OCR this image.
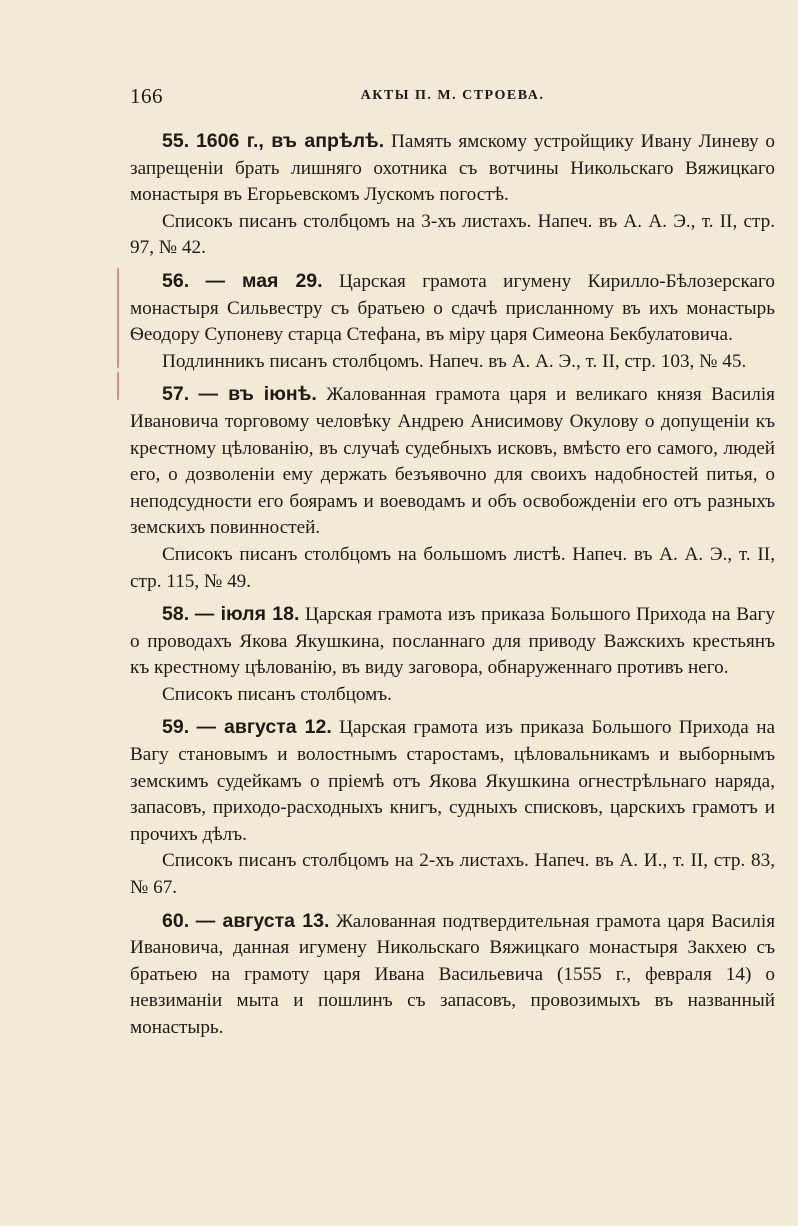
166	АКТЫ П. М. СТРОЕВА.

55. 1606 г., въ апрѣлѣ. Память ямскому устройщику Ивану Линеву о запрещеніи брать лишняго охотника съ вотчины Никольскаго Вяжицкаго монастыря въ Егорьевскомъ Лускомъ погостѣ.

Списокъ писанъ столбцомъ на 3-хъ листахъ. Напеч. въ А. А. Э., т. II, стр. 97, № 42.

56. — мая 29. Царская грамота игумену Кирилло-Бѣлозерскаго монастыря Сильвестру съ братьею о сдачѣ присланному въ ихъ монастырь Ѳеодору Супоневу старца Стефана, въ міру царя Симеона Бекбулатовича.

Подлинникъ писанъ столбцомъ. Напеч. въ А. А. Э., т. II, стр. 103, № 45.

57. — въ іюнѣ. Жалованная грамота царя и великаго князя Василія Ивановича торговому человѣку Андрею Анисимову Окулову о допущеніи къ крестному цѣлованію, въ случаѣ судебныхъ исковъ, вмѣсто его самого, людей его, о дозволеніи ему держать безъявочно для своихъ надобностей питья, о неподсудности его боярамъ и воеводамъ и объ освобожденіи его отъ разныхъ земскихъ повинностей.

Списокъ писанъ столбцомъ на большомъ листѣ. Напеч. въ А. А. Э., т. II, стр. 115, № 49.

58. — іюля 18. Царская грамота изъ приказа Большого Прихода на Вагу о проводахъ Якова Якушкина, посланнаго для приводу Важскихъ крестьянъ къ крестному цѣлованію, въ виду заговора, обнаруженнаго противъ него.

Списокъ писанъ столбцомъ.

59. — августа 12. Царская грамота изъ приказа Большого Прихода на Вагу становымъ и волостнымъ старостамъ, цѣловальникамъ и выборнымъ земскимъ судейкамъ о пріемѣ отъ Якова Якушкина огнестрѣльнаго наряда, запасовъ, приходо-расходныхъ книгъ, судныхъ списковъ, царскихъ грамотъ и прочихъ дѣлъ.

Списокъ писанъ столбцомъ на 2-хъ листахъ. Напеч. въ А. И., т. II, стр. 83, № 67.

60. — августа 13. Жалованная подтвердительная грамота царя Василія Ивановича, данная игумену Никольскаго Вяжицкаго монастыря Закхею съ братьею на грамоту царя Ивана Васильевича (1555 г., февраля 14) о невзиманіи мыта и пошлинъ съ запасовъ, провозимыхъ въ названный монастырь.
